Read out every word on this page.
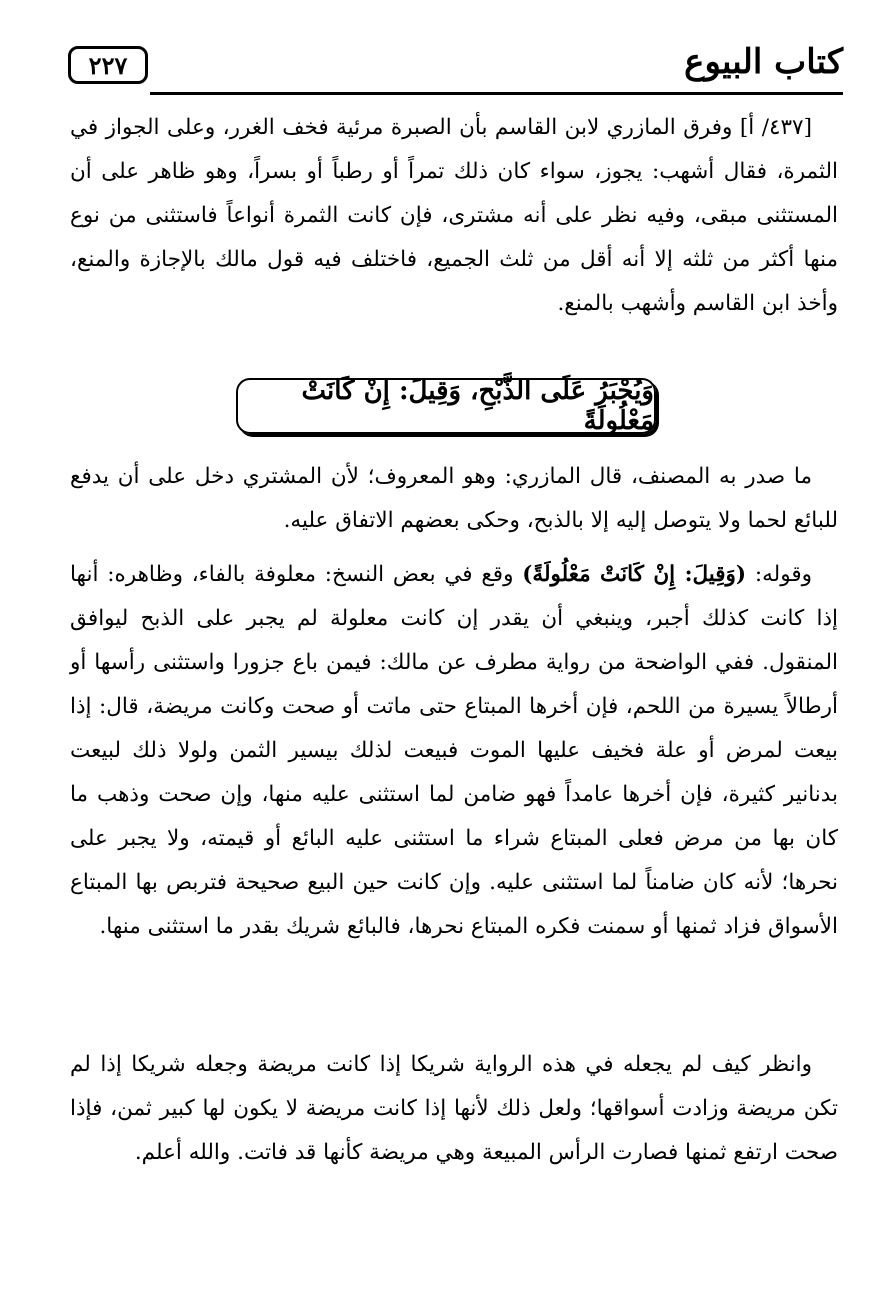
٢٢٧	كتاب البيوع

[٤٣٧/ أ] وفرق المازري لابن القاسم بأن الصبرة مرئية فخف الغرر، وعلى الجواز في الثمرة، فقال أشهب: يجوز، سواء كان ذلك تمراً أو رطباً أو بسراً، وهو ظاهر على أن المستثنى مبقى، وفيه نظر على أنه مشترى، فإن كانت الثمرة أنواعاً فاستثنى من نوع منها أكثر من ثلثه إلا أنه أقل من ثلث الجميع، فاختلف فيه قول مالك بالإجازة والمنع، وأخذ ابن القاسم وأشهب بالمنع.

وَيُجْبَرُ عَلَى الذَّبْحِ، وَقِيلَ: إِنْ كَانَتْ مَعْلُولَةً

ما صدر به المصنف، قال المازري: وهو المعروف؛ لأن المشتري دخل على أن يدفع للبائع لحما ولا يتوصل إليه إلا بالذبح، وحكى بعضهم الاتفاق عليه.

وقوله: (وَقِيلَ: إِنْ كَانَتْ مَعْلُولَةً) وقع في بعض النسخ: معلوفة بالفاء، وظاهره: أنها إذا كانت كذلك أجبر، وينبغي أن يقدر إن كانت معلولة لم يجبر على الذبح ليوافق المنقول. ففي الواضحة من رواية مطرف عن مالك: فيمن باع جزورا واستثنى رأسها أو أرطالاً يسيرة من اللحم، فإن أخرها المبتاع حتى ماتت أو صحت وكانت مريضة، قال: إذا بيعت لمرض أو علة فخيف عليها الموت فبيعت لذلك بيسير الثمن ولولا ذلك لبيعت بدنانير كثيرة، فإن أخرها عامداً فهو ضامن لما استثنى عليه منها، وإن صحت وذهب ما كان بها من مرض فعلى المبتاع شراء ما استثنى عليه البائع أو قيمته، ولا يجبر على نحرها؛ لأنه كان ضامناً لما استثنى عليه. وإن كانت حين البيع صحيحة فتربص بها المبتاع الأسواق فزاد ثمنها أو سمنت فكره المبتاع نحرها، فالبائع شريك بقدر ما استثنى منها.

وانظر كيف لم يجعله في هذه الرواية شريكا إذا كانت مريضة وجعله شريكا إذا لم تكن مريضة وزادت أسواقها؛ ولعل ذلك لأنها إذا كانت مريضة لا يكون لها كبير ثمن، فإذا صحت ارتفع ثمنها فصارت الرأس المبيعة وهي مريضة كأنها قد فاتت. والله أعلم.
